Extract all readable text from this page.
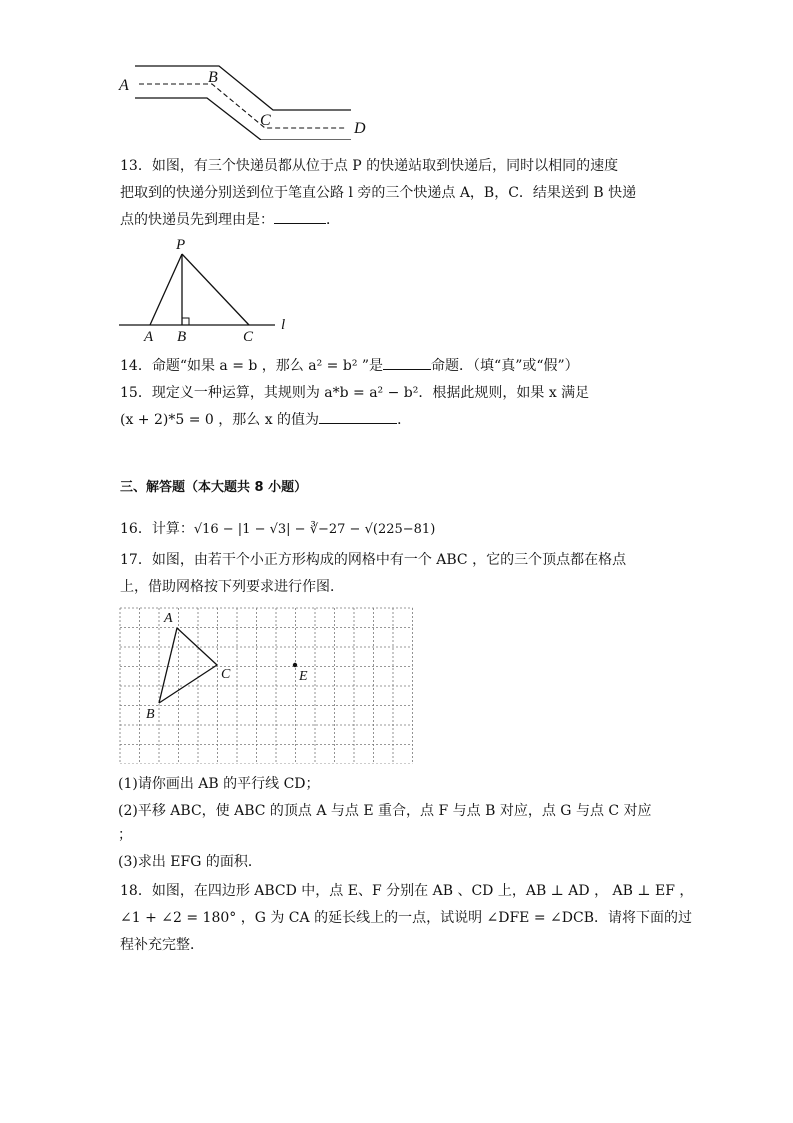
A	B
C	D
13．如图，有三个快递员都从位于点 P 的快递站取到快递后，同时以相同的速度
把取到的快递分别送到位于笔直公路 l 旁的三个快递点 A，B，C．结果送到 B 快递
点的快递员先到理由是：	．
P
A B	C
l
14．命题“如果 a = b ，那么 a² = b² ”是	命题．（填“真”或“假”）
15．现定义一种运算，其规则为 a*b = a² − b²．根据此规则，如果 x 满足
(x + 2)*5 = 0 ，那么 x 的值为	．
三、解答题（本大题共 8 小题）
16．计算：√16 − |1 − √3| − ∛−27 − √(225−81)
17．如图，由若干个小正方形构成的网格中有一个 ABC ，它的三个顶点都在格点
上，借助网格按下列要求进行作图．
A
B
C	E
(1)请你画出 AB 的平行线 CD；
(2)平移 ABC，使 ABC 的顶点 A 与点 E 重合，点 F 与点 B 对应，点 G 与点 C 对应
；
(3)求出 EFG 的面积．
18．如图，在四边形 ABCD 中，点 E、F 分别在 AB 、CD 上，AB ⊥ AD ， AB ⊥ EF ，
∠1 + ∠2 = 180° ，G 为 CA 的延长线上的一点，试说明 ∠DFE = ∠DCB．请将下面的过
程补充完整．
